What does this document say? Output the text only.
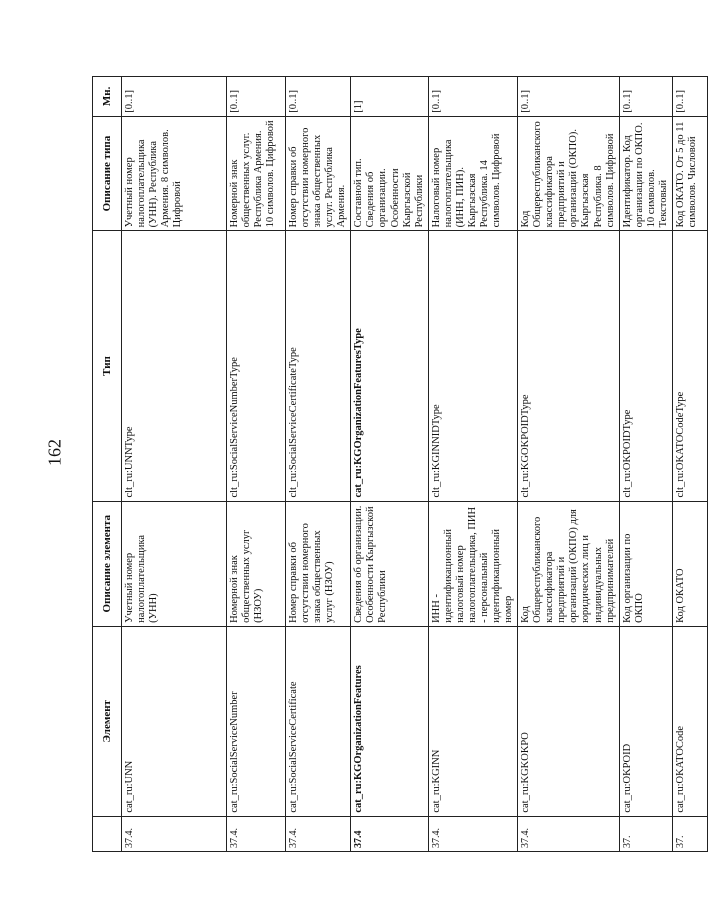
162
	Элемент	Описание элемента	Тип	Описание типа	Мн.
37.4.	cat_ru:UNN	Учетный номер налогоплательщика (УНН)	clt_ru:UNNType	Учетный номер налогоплательщика (УНН). Республика Армения. 8 символов. Цифровой	[0..1]
37.4.	cat_ru:SocialServiceNumber	Номерной знак общественных услуг (НЗОУ)	clt_ru:SocialServiceNumberType	Номерной знак общественных услуг. Республика Армения. 10 символов. Цифровой	[0..1]
37.4.	cat_ru:SocialServiceCertificate	Номер справки об отсутствии номерного знака общественных услуг (НЗОУ)	clt_ru:SocialServiceCertificateType	Номер справки об отсутствии номерного знака общественных услуг. Республика Армения.	[0..1]
37.4	cat_ru:KGOrganizationFeatures	Сведения об организации. Особенности Кыргызской Республики	cat_ru:KGOrganizationFeaturesType	Составной тип. Сведения об организации. Особенности Кыргызской Республики	[1]
37.4.	cat_ru:KGINN	ИНН - идентификационный налоговый номер налогоплательщика, ПИН - персональный идентификационный номер	clt_ru:KGINNIDType	Налоговый номер налогоплательщика (ИНН, ПИН). Кыргызская Республика. 14 символов. Цифровой	[0..1]
37.4.	cat_ru:KGKOKPO	Код Общереспубликанского классификатора предприятий и организаций (ОКПО) для юридических лиц и индивидуальных предпринимателей	clt_ru:KGOKPOIDType	Код Общереспубликанского классификатора предприятий и организаций (ОКПО). Кыргызская Республика. 8 символов. Цифровой	[0..1]
37.	cat_ru:OKPOID	Код организации по ОКПО	clt_ru:OKPOIDType	Идентификатор. Код организации по ОКПО. 10 символов. Текстовый	[0..1]
37.	cat_ru:OKATOCode	Код ОКАТО	clt_ru:OKATOCodeType	Код ОКАТО. От 5 до 11 символов. Числовой	[0..1]
